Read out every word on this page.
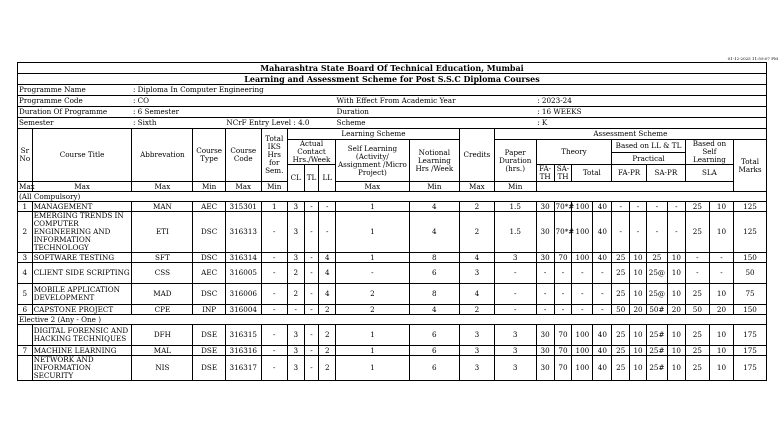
01-12-2025 11:59:07 PM
Maharashtra State Board Of Technical Education, Mumbai																							
Learning and Assessment Scheme for Post S.S.C Diploma Courses																							
Programme Name		: Diploma In Computer Engineering																					
Programme Code		: CO							With Effect From Academic Year				: 2023-24										
Duration Of Programme		: 6 Semester							Duration				: 16 WEEKS										
Semester		: Sixth		NCrF Entry Level : 4.0					Scheme				: K										
Sr No	Course Title	Abbrevation	Course Type	Course Code	Total IKS Hrs for Sem.	Learning Scheme					Credits	Assessment Scheme											
						Actual Contact Hrs./Week			Self Learning (Activity/ Assignment /Micro Project)	Notional Learning Hrs /Week		Paper Duration (hrs.)	Theory				Based on LL & TL				Based on Self Learning		Total Marks
																	Practical						
						CL	TL	LL					FA-TH	SA-TH	Total		FA-PR		SA-PR		SLA		
Max	Max	Max	Min	Max	Min				Max	Min	Max	Min											
(All Compulsory)																							
1	MANAGEMENT	MAN	AEC	315301	1	3	-	-	1	4	2	1.5	30	70*#	100	40	-	-	-	-	25	10	125
2	EMERGING TRENDS IN COMPUTER ENGINEERING AND INFORMATION TECHNOLOGY	ETI	DSC	316313	-	3	-	-	1	4	2	1.5	30	70*#	100	40	-	-	-	-	25	10	125
3	SOFTWARE TESTING	SFT	DSC	316314	-	3	-	4	1	8	4	3	30	70	100	40	25	10	25	10	-	-	150
4	CLIENT SIDE SCRIPTING	CSS	AEC	316005	-	2	-	4	-	6	3	-	-	-	-	-	25	10	25@	10	-	-	50
5	MOBILE APPLICATION DEVELOPMENT	MAD	DSC	316006	-	2	-	4	2	8	4	-	-	-	-	-	25	10	25@	10	25	10	75
6	CAPSTONE PROJECT	CPE	INP	316004	-	-	-	2	2	4	2	-	-	-	-	-	50	20	50#	20	50	20	150
Elective 2 (Any - One )																							
	DIGITAL FORENSIC AND HACKING TECHNIQUES	DFH	DSE	316315	-	3	-	2	1	6	3	3	30	70	100	40	25	10	25#	10	25	10	175
7	MACHINE LEARNING	MAL	DSE	316316	-	3	-	2	1	6	3	3	30	70	100	40	25	10	25#	10	25	10	175
	NETWORK AND INFORMATION SECURITY	NIS	DSE	316317	-	3	-	2	1	6	3	3	30	70	100	40	25	10	25#	10	25	10	175
